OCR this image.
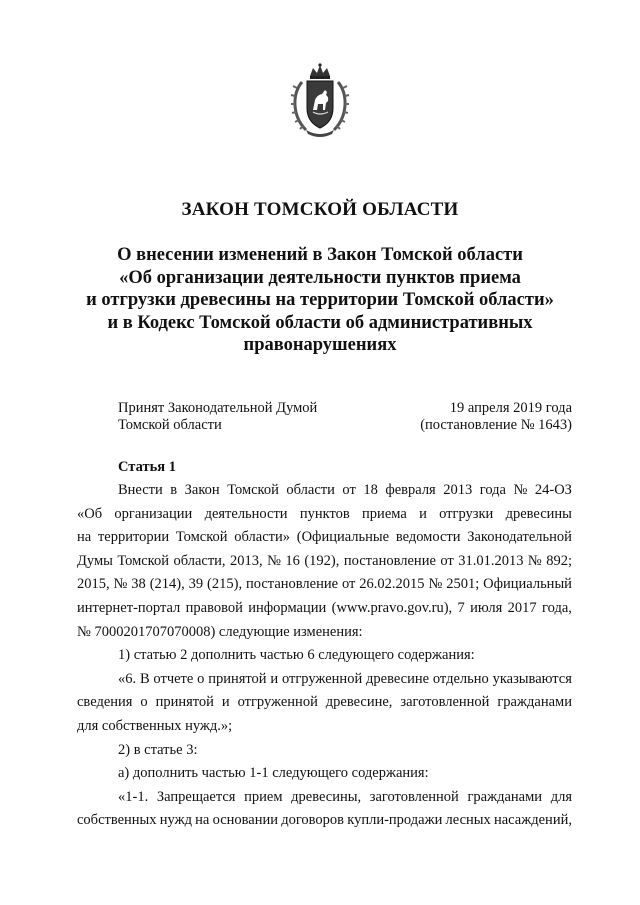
ЗАКОН ТОМСКОЙ ОБЛАСТИ
О внесении изменений в Закон Томской области
«Об организации деятельности пунктов приема
и отгрузки древесины на территории Томской области»
и в Кодекс Томской области об административных
правонарушениях
Принят Законодательной Думой	19 апреля 2019 года
Томской области	(постановление № 1643)
Статья 1
Внести в Закон Томской области от 18 февраля 2013 года № 24-ОЗ
«Об организации деятельности пунктов приема и отгрузки древесины
на территории Томской области» (Официальные ведомости Законодательной
Думы Томской области, 2013, № 16 (192), постановление от 31.01.2013 № 892;
2015, № 38 (214), 39 (215), постановление от 26.02.2015 № 2501; Официальный
интернет-портал правовой информации (www.pravo.gov.ru), 7 июля 2017 года,
№ 7000201707070008) следующие изменения:
1) статью 2 дополнить частью 6 следующего содержания:
«6. В отчете о принятой и отгруженной древесине отдельно указываются
сведения о принятой и отгруженной древесине, заготовленной гражданами
для собственных нужд.»;
2) в статье 3:
а) дополнить частью 1-1 следующего содержания:
«1-1. Запрещается прием древесины, заготовленной гражданами для
собственных нужд на основании договоров купли-продажи лесных насаждений,
